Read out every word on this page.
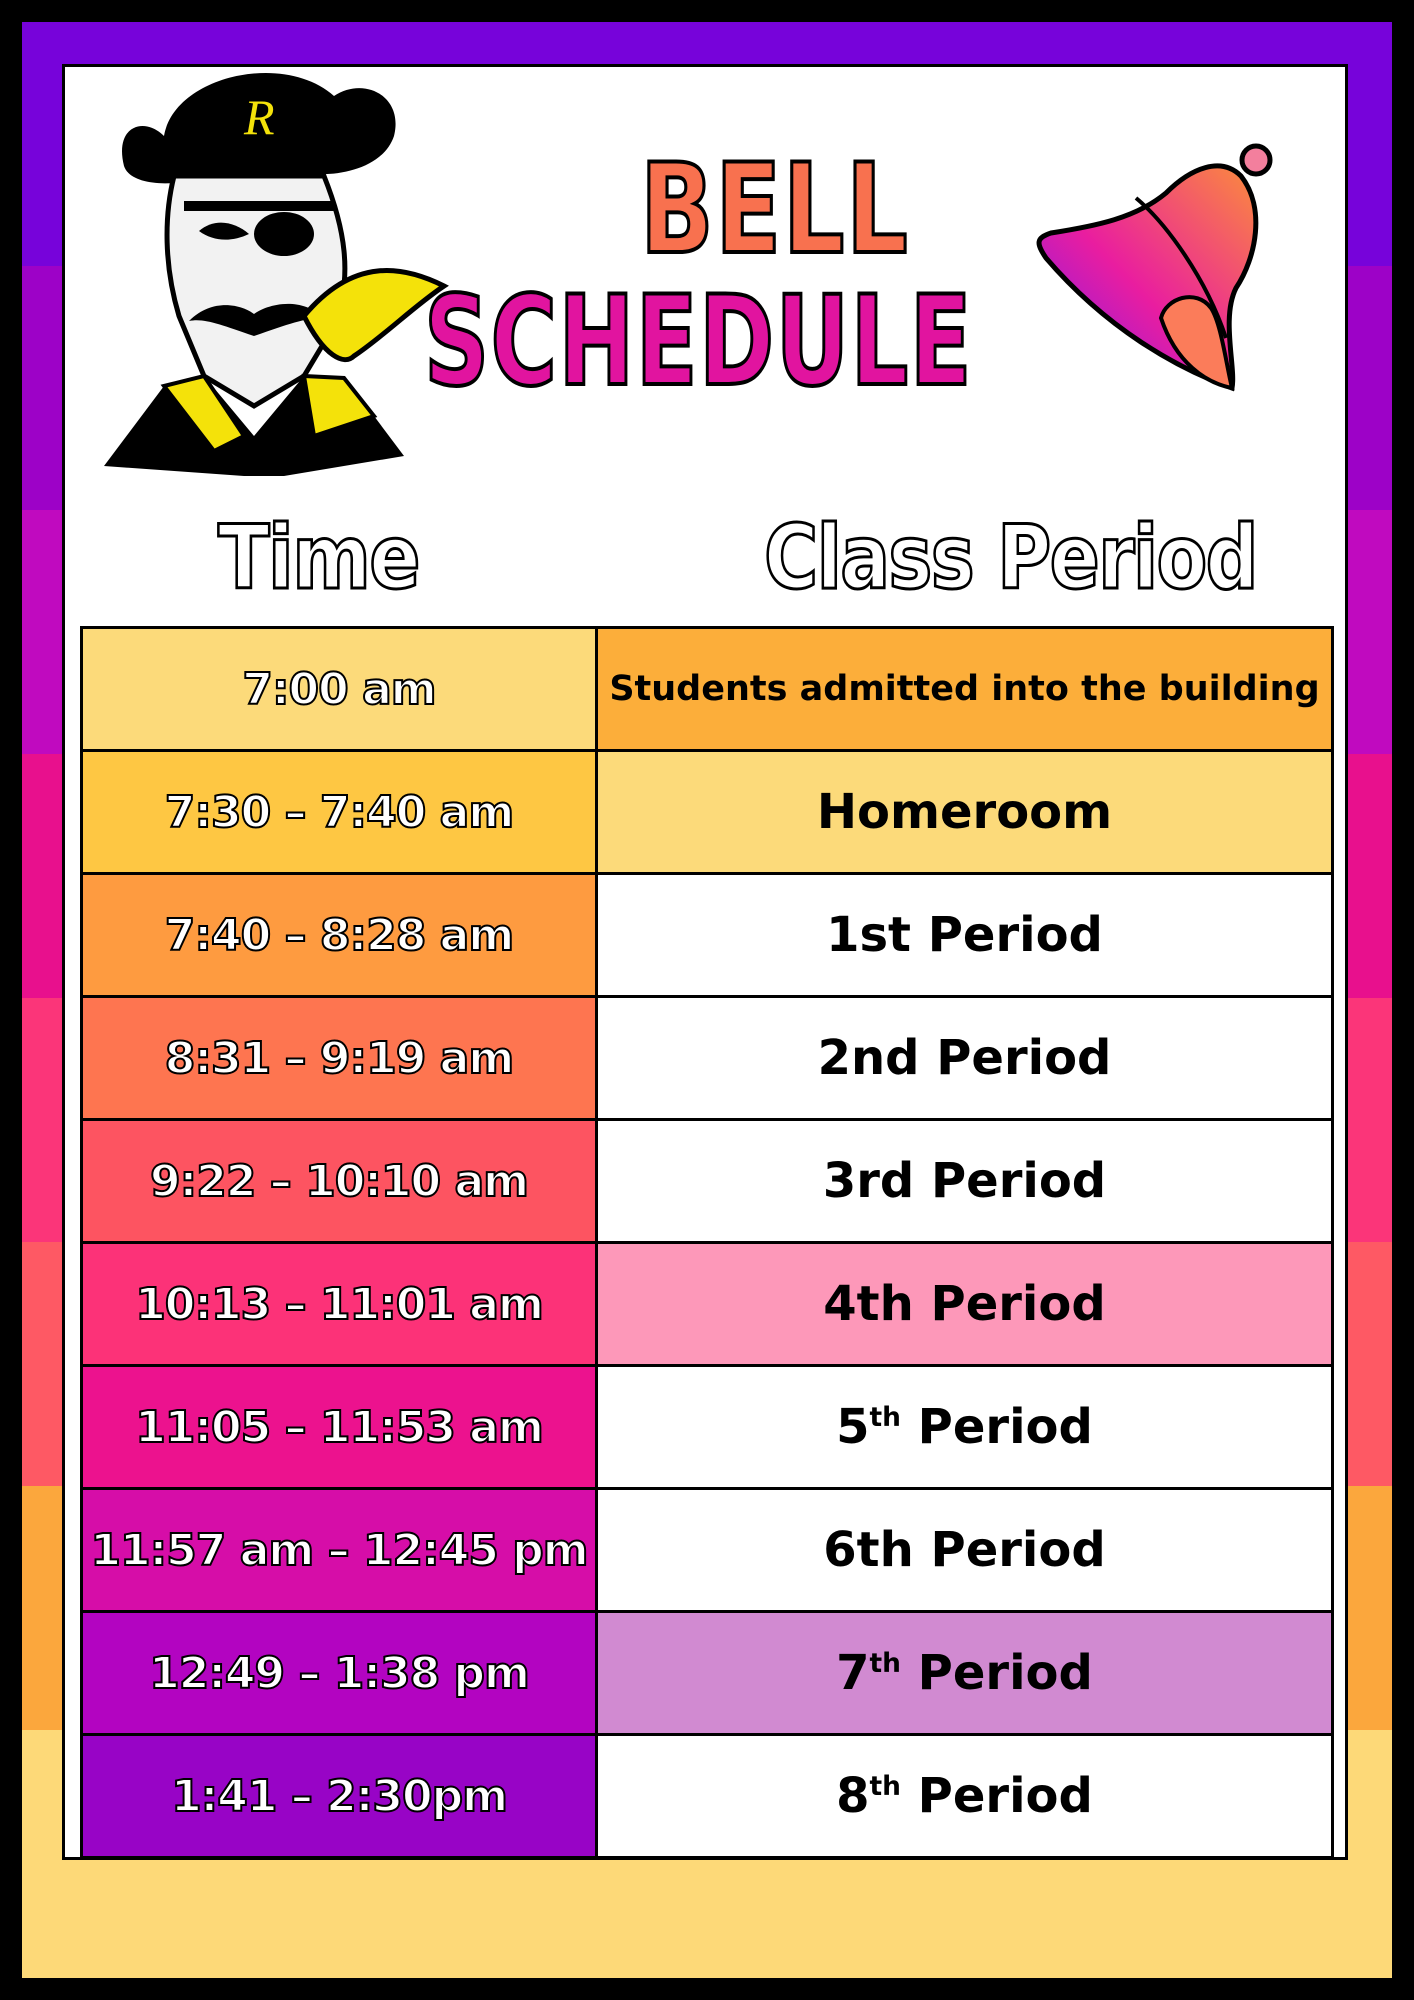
R
BELL
SCHEDULE
Time	Class Period
7:00 am	Students admitted into the building
7:30 – 7:40 am	Homeroom
7:40 – 8:28 am	1st Period
8:31 – 9:19 am	2nd Period
9:22 – 10:10 am	3rd Period
10:13 – 11:01 am	4th Period
11:05 – 11:53 am	5th Period
11:57 am – 12:45 pm	6th Period
12:49 – 1:38 pm	7th Period
1:41 – 2:30pm	8th Period
